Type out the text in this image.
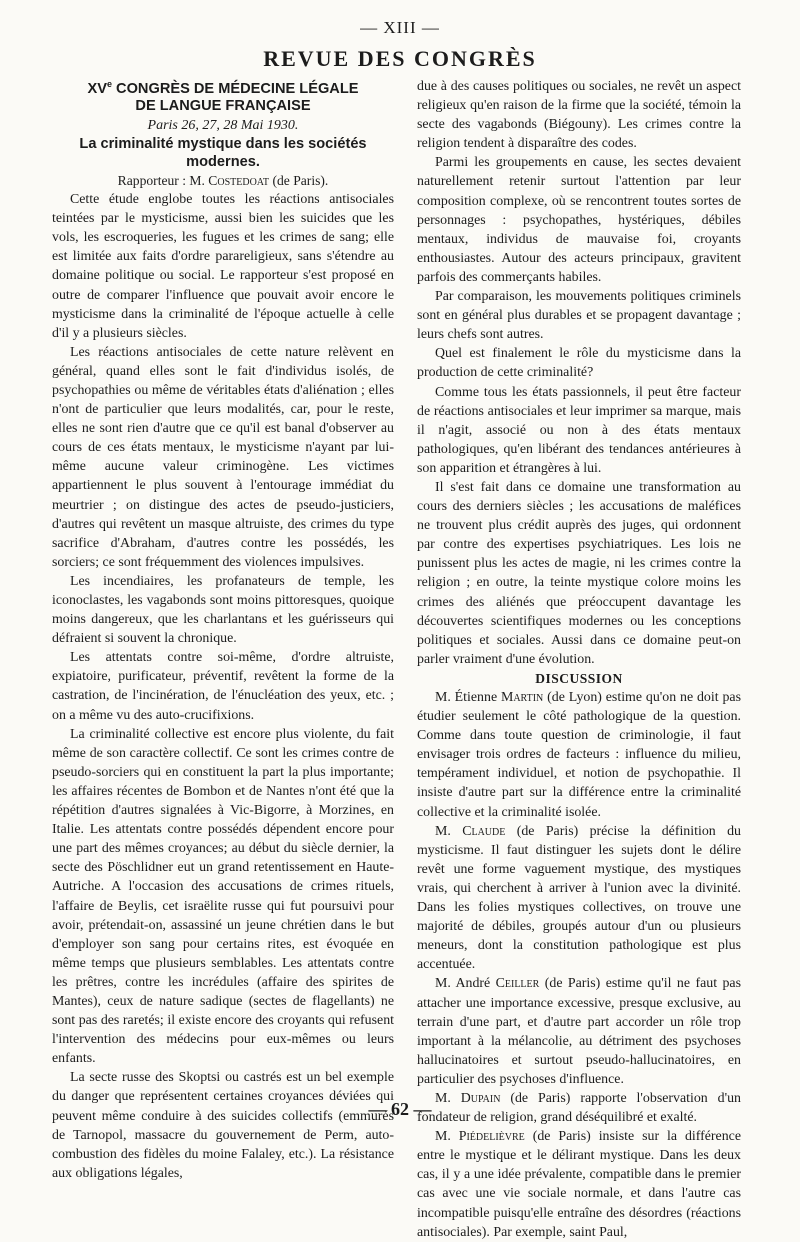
— XIII —
REVUE DES CONGRÈS

XVe CONGRÈS DE MÉDECINE LÉGALE

DE LANGUE FRANÇAISE

Paris 26, 27, 28 Mai 1930.

La criminalité mystique dans les sociétés
modernes.

Rapporteur : M. Costedoat (de Paris).

Cette étude englobe toutes les réactions antisociales teintées par le mysticisme, aussi bien les suicides que les vols, les escroqueries, les fugues et les crimes de sang; elle est limitée aux faits d'ordre parareligieux, sans s'étendre au domaine politique ou social. Le rapporteur s'est proposé en outre de comparer l'influence que pouvait avoir encore le mysticisme dans la criminalité de l'époque actuelle à celle d'il y a plusieurs siècles.

Les réactions antisociales de cette nature relèvent en général, quand elles sont le fait d'individus isolés, de psychopathies ou même de véritables états d'aliénation ; elles n'ont de particulier que leurs modalités, car, pour le reste, elles ne sont rien d'autre que ce qu'il est banal d'observer au cours de ces états mentaux, le mysticisme n'ayant par lui-même aucune valeur criminogène. Les victimes appartiennent le plus souvent à l'entourage immédiat du meurtrier ; on distingue des actes de pseudo-justiciers, d'autres qui revêtent un masque altruiste, des crimes du type sacrifice d'Abraham, d'autres contre les possédés, les sorciers; ce sont fréquemment des violences impulsives.

Les incendiaires, les profanateurs de temple, les iconoclastes, les vagabonds sont moins pittoresques, quoique moins dangereux, que les charlantans et les guérisseurs qui défraient si souvent la chronique.

Les attentats contre soi-même, d'ordre altruiste, expiatoire, purificateur, préventif, revêtent la forme de la castration, de l'incinération, de l'énucléation des yeux, etc. ; on a même vu des auto-crucifixions.

La criminalité collective est encore plus violente, du fait même de son caractère collectif. Ce sont les crimes contre de pseudo-sorciers qui en constituent la part la plus importante; les affaires récentes de Bombon et de Nantes n'ont été que la répétition d'autres signalées à Vic-Bigorre, à Morzines, en Italie. Les attentats contre possédés dépendent encore pour une part des mêmes croyances; au début du siècle dernier, la secte des Pöschlidner eut un grand retentissement en Haute-Autriche. A l'occasion des accusations de crimes rituels, l'affaire de Beylis, cet israëlite russe qui fut poursuivi pour avoir, prétendait-on, assassiné un jeune chrétien dans le but d'employer son sang pour certains rites, est évoquée en même temps que plusieurs semblables. Les attentats contre les prêtres, contre les incrédules (affaire des spirites de Mantes), ceux de nature sadique (sectes de flagellants) ne sont pas des raretés; il existe encore des croyants qui refusent l'intervention des médecins pour eux-mêmes ou leurs enfants.

La secte russe des Skoptsi ou castrés est un bel exemple du danger que représentent certaines croyances déviées qui peuvent même conduire à des suicides collectifs (emmurés de Tarnopol, massacre du gouvernement de Perm, auto-combustion des fidèles du moine Falaley, etc.). La résistance aux obligations légales,

due à des causes politiques ou sociales, ne revêt un aspect religieux qu'en raison de la firme que la société, témoin la secte des vagabonds (Biégouny). Les crimes contre la religion tendent à disparaître des codes.

Parmi les groupements en cause, les sectes devaient naturellement retenir surtout l'attention par leur composition complexe, où se rencontrent toutes sortes de personnages : psychopathes, hystériques, débiles mentaux, individus de mauvaise foi, croyants enthousiastes. Autour des acteurs principaux, gravitent parfois des commerçants habiles.

Par comparaison, les mouvements politiques criminels sont en général plus durables et se propagent davantage ; leurs chefs sont autres.

Quel est finalement le rôle du mysticisme dans la production de cette criminalité?

Comme tous les états passionnels, il peut être facteur de réactions antisociales et leur imprimer sa marque, mais il n'agit, associé ou non à des états mentaux pathologiques, qu'en libérant des tendances antérieures à son apparition et étrangères à lui.

Il s'est fait dans ce domaine une transformation au cours des derniers siècles ; les accusations de maléfices ne trouvent plus crédit auprès des juges, qui ordonnent par contre des expertises psychiatriques. Les lois ne punissent plus les actes de magie, ni les crimes contre la religion ; en outre, la teinte mystique colore moins les crimes des aliénés que préoccupent davantage les découvertes scientifiques modernes ou les conceptions politiques et sociales. Aussi dans ce domaine peut-on parler vraiment d'une évolution.

DISCUSSION

M. Étienne Martin (de Lyon) estime qu'on ne doit pas étudier seulement le côté pathologique de la question. Comme dans toute question de criminologie, il faut envisager trois ordres de facteurs : influence du milieu, tempérament individuel, et notion de psychopathie. Il insiste d'autre part sur la différence entre la criminalité collective et la criminalité isolée.

M. Claude (de Paris) précise la définition du mysticisme. Il faut distinguer les sujets dont le délire revêt une forme vaguement mystique, des mystiques vrais, qui cherchent à arriver à l'union avec la divinité. Dans les folies mystiques collectives, on trouve une majorité de débiles, groupés autour d'un ou plusieurs meneurs, dont la constitution pathologique est plus accentuée.

M. André Ceiller (de Paris) estime qu'il ne faut pas attacher une importance excessive, presque exclusive, au terrain d'une part, et d'autre part accorder un rôle trop important à la mélancolie, au détriment des psychoses hallucinatoires et surtout pseudo-hallucinatoires, en particulier des psychoses d'influence.

M. Dupain (de Paris) rapporte l'observation d'un fondateur de religion, grand déséquilibré et exalté.

M. Piédelièvre (de Paris) insiste sur la différence entre le mystique et le délirant mystique. Dans les deux cas, il y a une idée prévalente, compatible dans le premier cas avec une vie sociale normale, et dans l'autre cas incompatible puisqu'elle entraîne des désordres (réactions antisociales). Par exemple, saint Paul,

— 62 —
